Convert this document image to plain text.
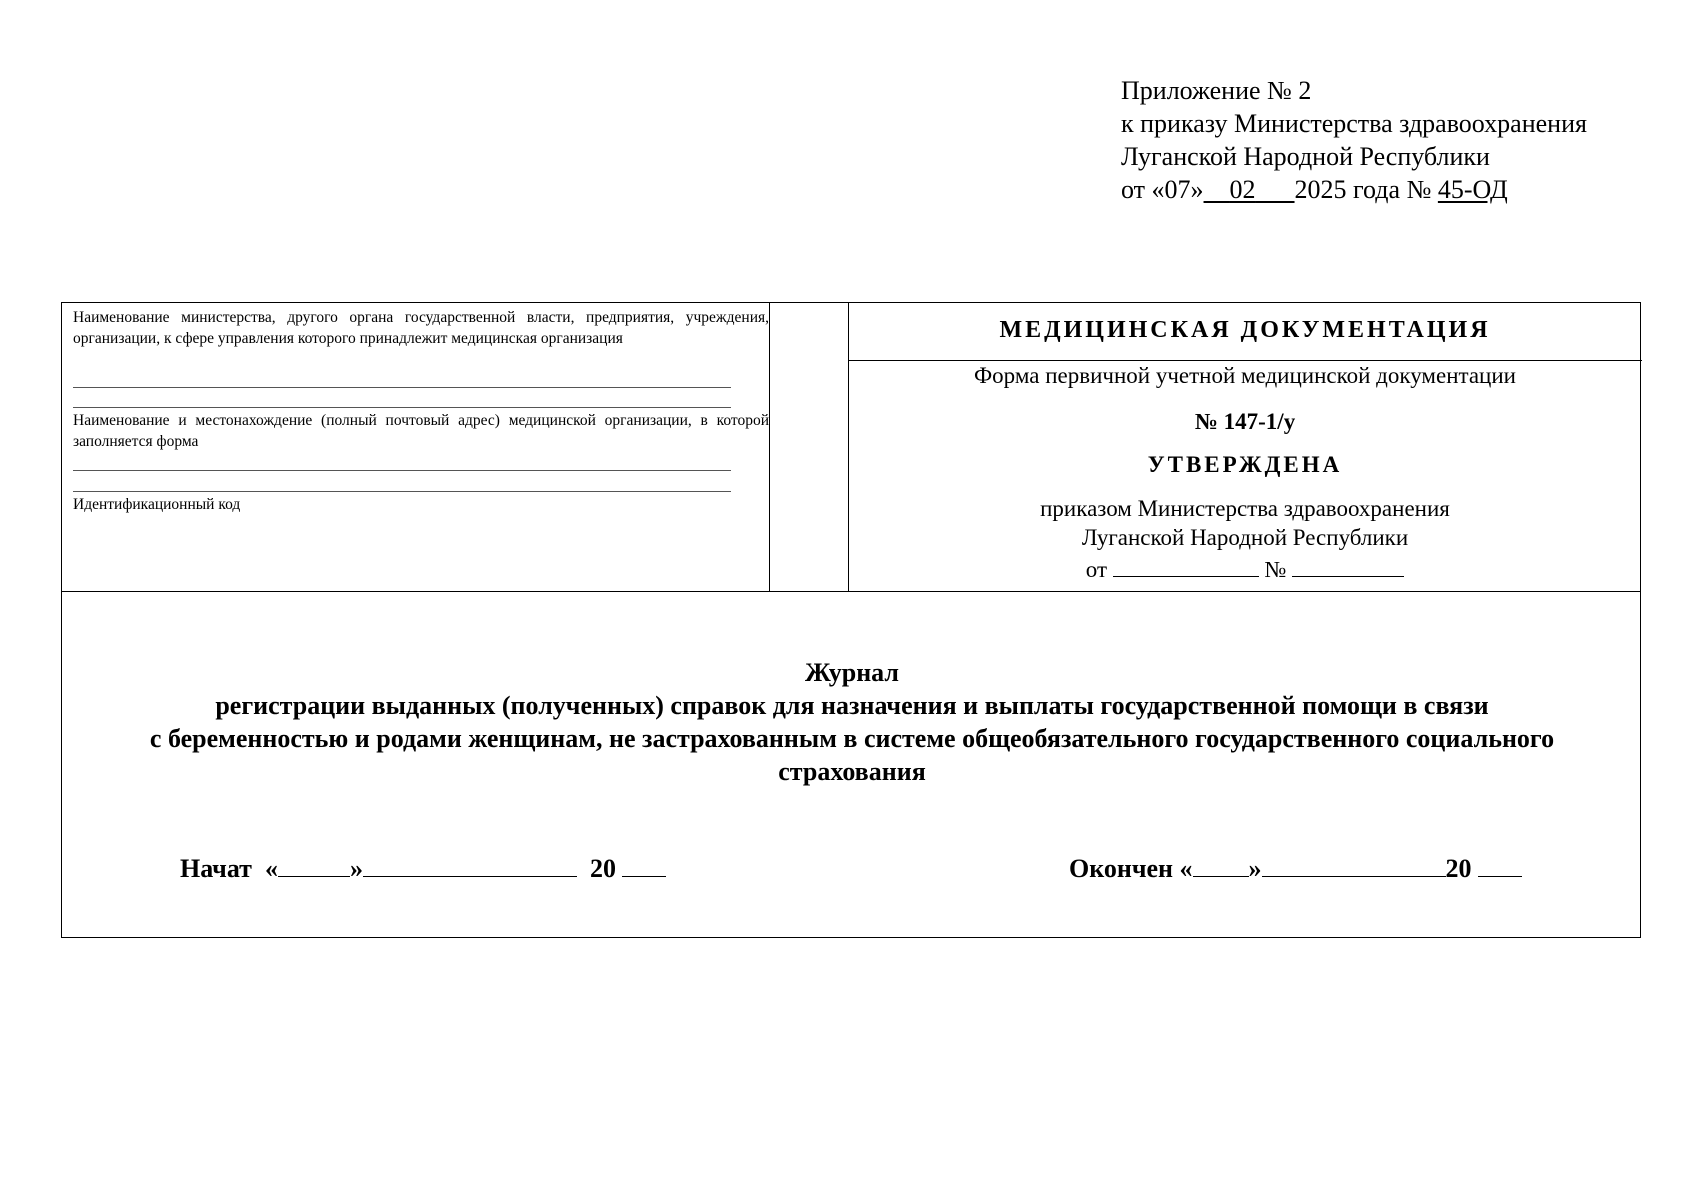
Приложение № 2
к приказу Министерства здравоохранения
Луганской Народной Республики
от «07» 02 2025 года № 45-ОД
Наименование министерства, другого органа государственной власти, предприятия, учреждения, организации, к сфере управления которого принадлежит медицинская организация
Наименование и местонахождение (полный почтовый адрес) медицинской организации, в которой заполняется форма
Идентификационный код
МЕДИЦИНСКАЯ ДОКУМЕНТАЦИЯ
Форма первичной учетной медицинской документации
№ 147-1/у
УТВЕРЖДЕНА
приказом Министерства здравоохранения
Луганской Народной Республики
от	№
Журнал
регистрации выданных (полученных) справок для назначения и выплаты государственной помощи в связи
с беременностью и родами женщинам, не застрахованным в системе общеобязательного государственного социального
страхования
Начат «	»	20	Окончен « »	20
